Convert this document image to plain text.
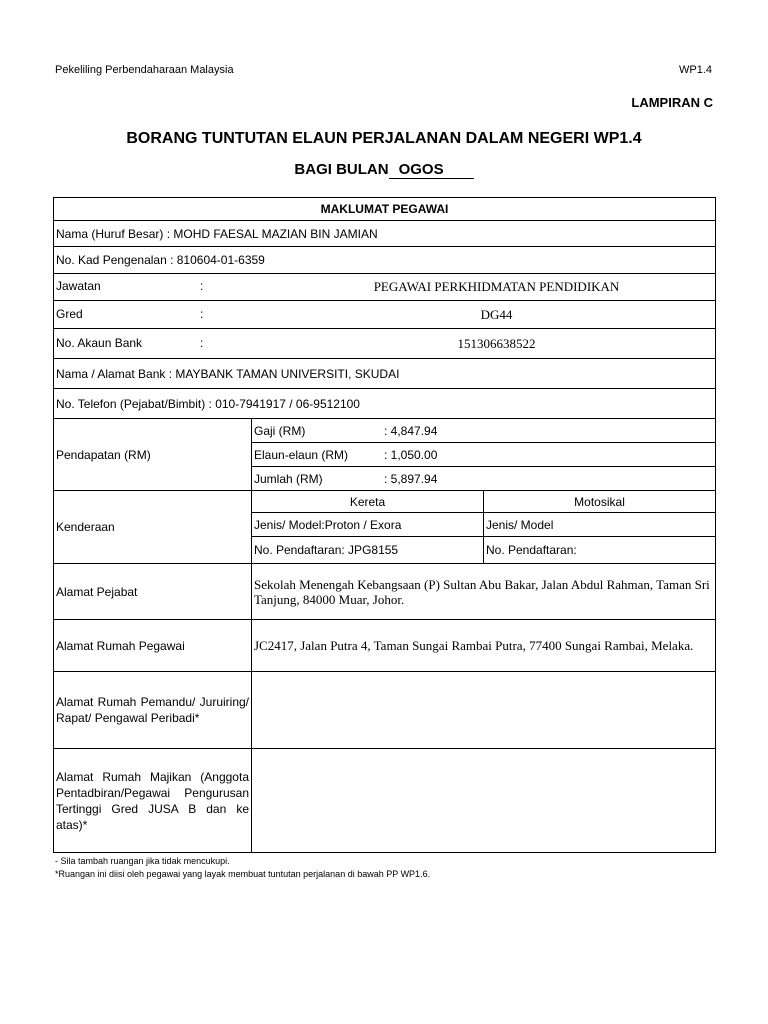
Pekeliling Perbendaharaan Malaysia	WP1.4
LAMPIRAN C
BORANG TUNTUTAN ELAUN PERJALANAN DALAM NEGERI WP1.4
BAGI BULAN OGOS
MAKLUMAT PEGAWAI		
Nama (Huruf Besar) : MOHD FAESAL MAZIAN BIN JAMIAN		
No. Kad Pengenalan : 810604-01-6359		

Jawatan : PEGAWAI PERKHIDMATAN PENDIDIKAN		

Gred : DG44		

No. Akaun Bank : 151306638522		

Nama / Alamat Bank : MAYBANK TAMAN UNIVERSITI, SKUDAI		
No. Telefon (Pejabat/Bimbit) : 010-7941917 / 06-9512100		
Pendapatan (RM)	Gaji (RM) : 4,847.94	

	Elaun-elaun (RM) : 1,050.00	

	Jumlah (RM) : 5,897.94	

Kenderaan	Kereta	Motosikal
	Jenis/ Model:Proton / Exora	Jenis/ Model
	No. Pendaftaran: JPG8155	No. Pendaftaran:
Alamat Pejabat	Sekolah Menengah Kebangsaan (P) Sultan Abu Bakar, Jalan Abdul Rahman, Taman Sri Tanjung, 84000 Muar, Johor.	
Alamat Rumah Pegawai	JC2417, Jalan Putra 4, Taman Sungai Rambai Putra, 77400 Sungai Rambai, Melaka.	
Alamat Rumah Pemandu/ Juruiring/ Rapat/ Pengawal Peribadi*		
Alamat Rumah Majikan (Anggota Pentadbiran/Pegawai Pengurusan Tertinggi Gred JUSA B dan ke atas)*		
- Sila tambah ruangan jika tidak mencukupi.
*Ruangan ini diisi oleh pegawai yang layak membuat tuntutan perjalanan di bawah PP WP1.6.
